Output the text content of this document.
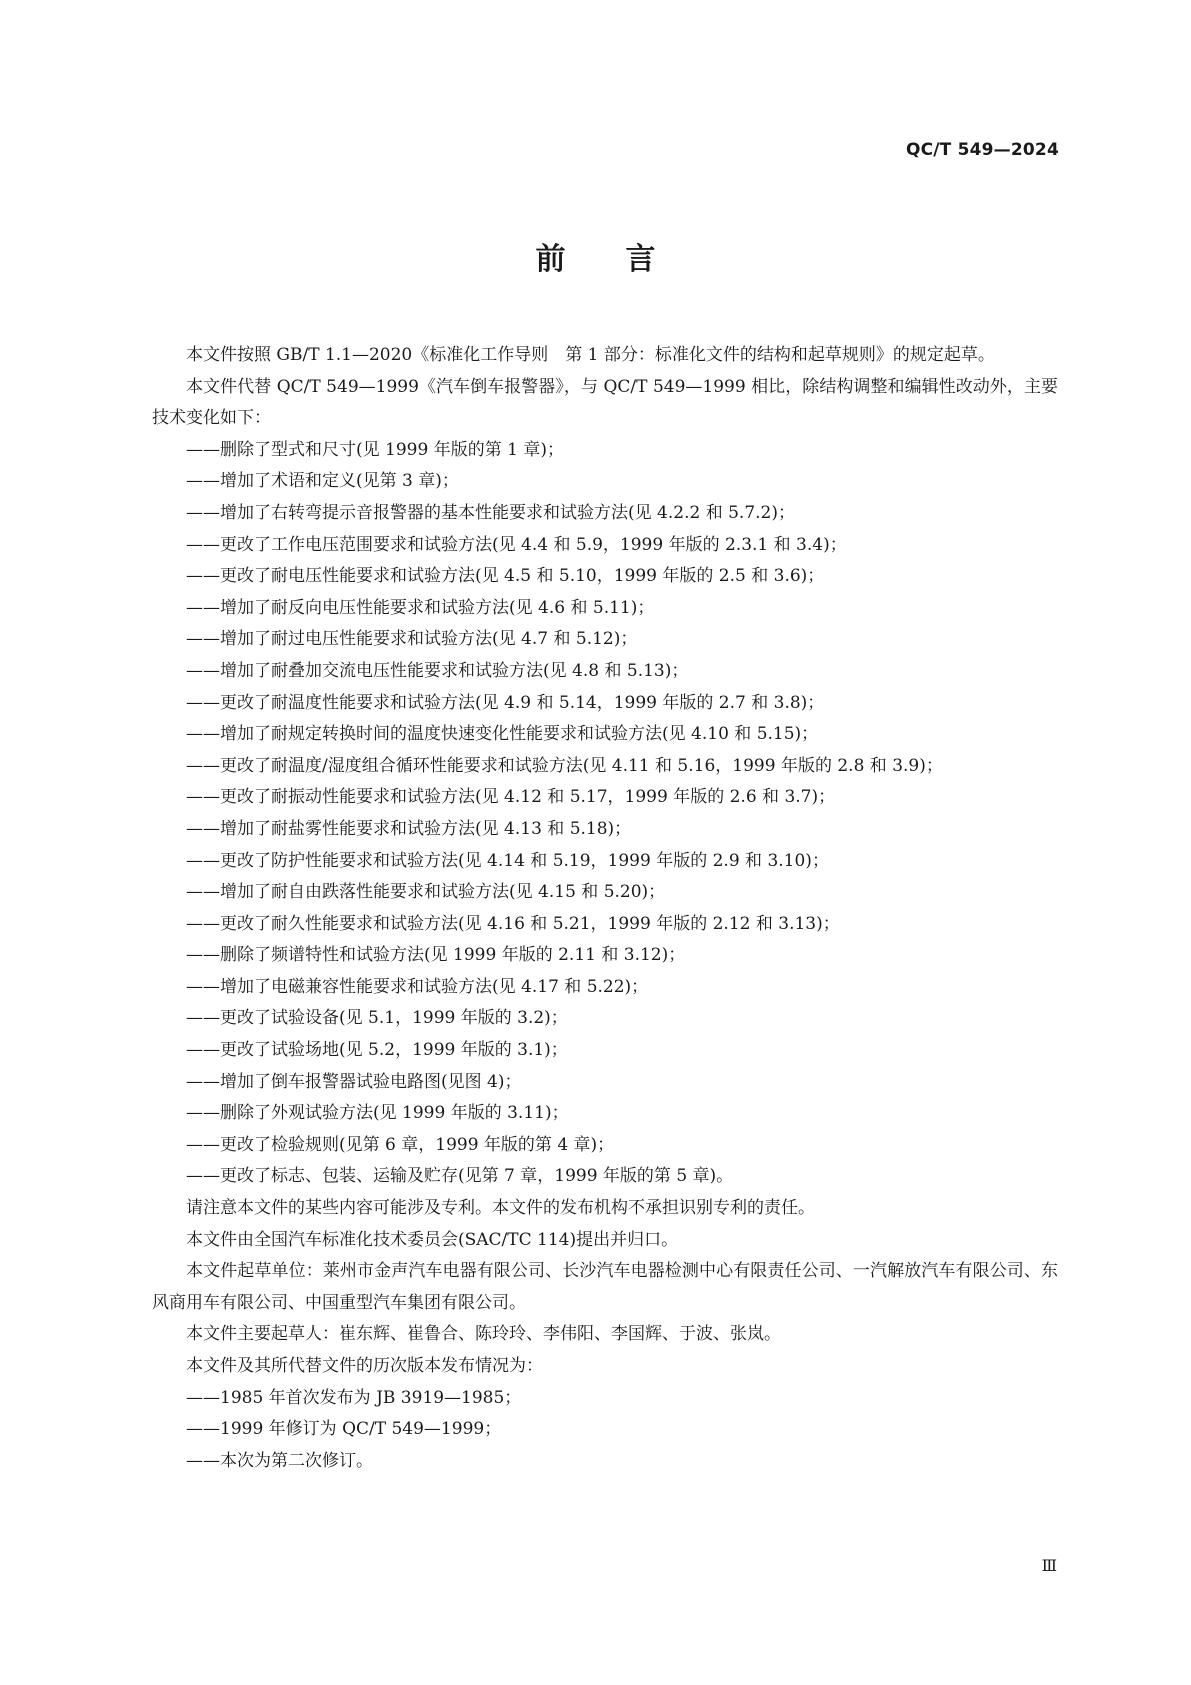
QC/T 549—2024
前 言

本文件按照 GB/T 1.1—2020《标准化工作导则　第 1 部分：标准化文件的结构和起草规则》的规定起草。

本文件代替 QC/T 549—1999《汽车倒车报警器》，与 QC/T 549—1999 相比，除结构调整和编辑性改动外，主要技术变化如下：

——删除了型式和尺寸(见 1999 年版的第 1 章)；

——增加了术语和定义(见第 3 章)；

——增加了右转弯提示音报警器的基本性能要求和试验方法(见 4.2.2 和 5.7.2)；

——更改了工作电压范围要求和试验方法(见 4.4 和 5.9，1999 年版的 2.3.1 和 3.4)；

——更改了耐电压性能要求和试验方法(见 4.5 和 5.10，1999 年版的 2.5 和 3.6)；

——增加了耐反向电压性能要求和试验方法(见 4.6 和 5.11)；

——增加了耐过电压性能要求和试验方法(见 4.7 和 5.12)；

——增加了耐叠加交流电压性能要求和试验方法(见 4.8 和 5.13)；

——更改了耐温度性能要求和试验方法(见 4.9 和 5.14，1999 年版的 2.7 和 3.8)；

——增加了耐规定转换时间的温度快速变化性能要求和试验方法(见 4.10 和 5.15)；

——更改了耐温度/湿度组合循环性能要求和试验方法(见 4.11 和 5.16，1999 年版的 2.8 和 3.9)；

——更改了耐振动性能要求和试验方法(见 4.12 和 5.17，1999 年版的 2.6 和 3.7)；

——增加了耐盐雾性能要求和试验方法(见 4.13 和 5.18)；

——更改了防护性能要求和试验方法(见 4.14 和 5.19，1999 年版的 2.9 和 3.10)；

——增加了耐自由跌落性能要求和试验方法(见 4.15 和 5.20)；

——更改了耐久性能要求和试验方法(见 4.16 和 5.21，1999 年版的 2.12 和 3.13)；

——删除了频谱特性和试验方法(见 1999 年版的 2.11 和 3.12)；

——增加了电磁兼容性能要求和试验方法(见 4.17 和 5.22)；

——更改了试验设备(见 5.1，1999 年版的 3.2)；

——更改了试验场地(见 5.2，1999 年版的 3.1)；

——增加了倒车报警器试验电路图(见图 4)；

——删除了外观试验方法(见 1999 年版的 3.11)；

——更改了检验规则(见第 6 章，1999 年版的第 4 章)；

——更改了标志、包装、运输及贮存(见第 7 章，1999 年版的第 5 章)。

请注意本文件的某些内容可能涉及专利。本文件的发布机构不承担识别专利的责任。

本文件由全国汽车标准化技术委员会(SAC/TC 114)提出并归口。

本文件起草单位：莱州市金声汽车电器有限公司、长沙汽车电器检测中心有限责任公司、一汽解放汽车有限公司、东风商用车有限公司、中国重型汽车集团有限公司。

本文件主要起草人：崔东辉、崔鲁合、陈玲玲、李伟阳、李国辉、于波、张岚。

本文件及其所代替文件的历次版本发布情况为：

——1985 年首次发布为 JB 3919—1985；

——1999 年修订为 QC/T 549—1999；

——本次为第二次修订。

Ⅲ
